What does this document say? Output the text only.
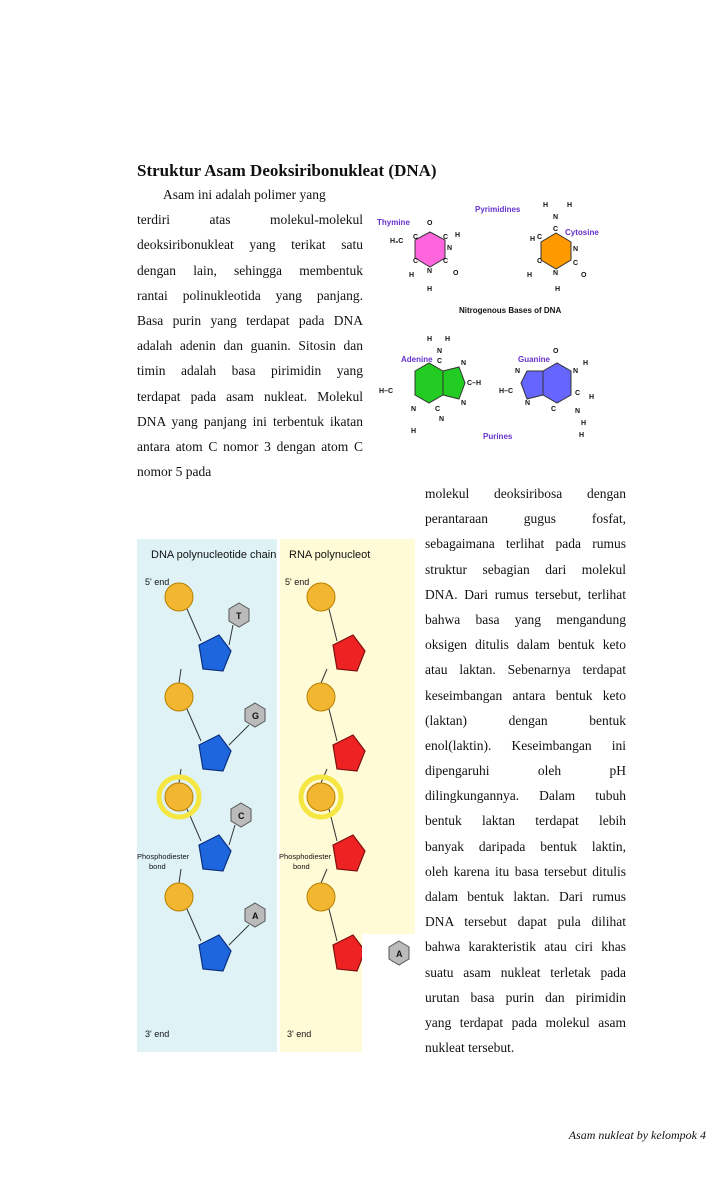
Struktur Asam Deoksiribonukleat (DNA)
Asam ini adalah polimer yang
terdiri atas molekul-molekul
deoksiribonukleat yang terikat satu
dengan lain, sehingga membentuk
rantai polinukleotida yang panjang.
Basa purin yang terdapat pada DNA
adalah adenin dan guanin. Sitosin dan
timin adalah basa pirimidin yang
terdapat pada asam nukleat. Molekul
DNA yang panjang ini terbentuk ikatan
antara atom C nomor 3 dengan atom C
nomor 5 pada
Pyrimidines
Thymine
Cytosine
O
H₃C
C	C H
N
C
C
N
H	O
H
H	H
N
C
H C
N
C
H	N
C
O
H
Nitrogenous Bases of DNA
Adenine
H H
N
C	N
H–C
C–H
N
N	C
N
H
Guanine
O
H
N
N
H–C	C
H
N
C	N
H
H
Purines
DNA polynucleotide chain RNA polynucleot
5' end	5' end
3' end	3' end
Phosphodiester
bond
Phosphodiester
bond
T
G
C
A
A
molekul deoksiribosa dengan
perantaraan gugus fosfat,
sebagaimana terlihat pada rumus
struktur sebagian dari molekul
DNA. Dari rumus tersebut, terlihat
bahwa basa yang mengandung
oksigen ditulis dalam bentuk keto
atau laktan. Sebenarnya terdapat
keseimbangan antara bentuk keto
(laktan) dengan bentuk
enol(laktin). Keseimbangan ini
dipengaruhi oleh pH
dilingkungannya. Dalam tubuh
bentuk laktan terdapat lebih
banyak daripada bentuk laktin,
oleh karena itu basa tersebut ditulis
dalam bentuk laktan. Dari rumus
DNA tersebut dapat pula dilihat
bahwa karakteristik atau ciri khas
suatu asam nukleat terletak pada
urutan basa purin dan pirimidin
yang terdapat pada molekul asam
nukleat tersebut.
Asam nukleat by kelompok 4
